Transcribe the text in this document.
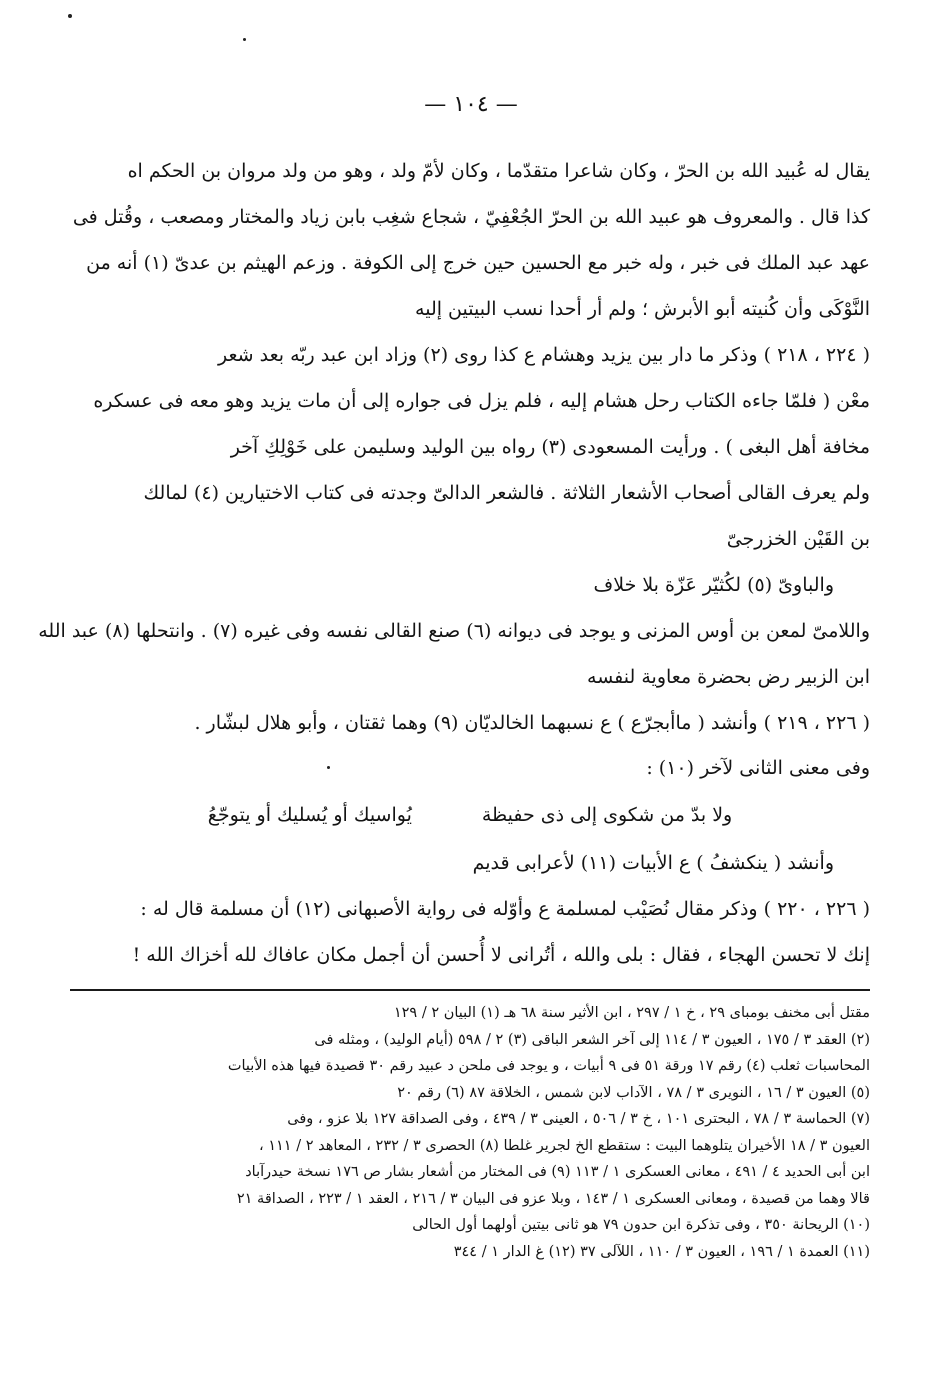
— ١٠٤ —
يقال له عُبيد الله بن الحرّ ، وكان شاعرا متقدّما ، وكان لأمّ ولد ، وهو من ولد مروان بن الحكم اه
كذا قال . والمعروف هو عبيد الله بن الحرّ الجُعْفِيّ ، شجاع شغِب بابن زياد والمختار ومصعب ، وقُتل فى
عهد عبد الملك فى خبر ، وله خبر مع الحسين حين خرج إلى الكوفة . وزعم الهيثم بن عدىّ (١) أنه من
النَّوْكَى وأن كُنيته أبو الأبرش ؛ ولم أر أحدا نسب البيتين إليه
( ٢٢٤ ، ٢١٨ ) وذكر ما دار بين يزيد وهشام ع كذا روى (٢) وزاد ابن عبد ربّه بعد شعر
معْن ( فلمّا جاءه الكتاب رحل هشام إليه ، فلم يزل فى جواره إلى أن مات يزيد وهو معه فى عسكره
مخافة أهل البغى ) . ورأيت المسعودى (٣) رواه بين الوليد وسليمن على خَوْلِكِ آخر
ولم يعرف القالى أصحاب الأشعار الثلاثة . فالشعر الدالىّ وجدته فى كتاب الاختيارين (٤) لمالك
بن القَيْن الخزرجىّ
والباوىّ (٥) لكُثيّر عَزّة بلا خلاف
واللامىّ لمعن بن أوس المزنى و يوجد فى ديوانه (٦) صنع القالى نفسه وفى غيره (٧) . وانتحلها (٨) عبد الله
ابن الزبير رض بحضرة معاوية لنفسه
( ٢٢٦ ، ٢١٩ ) وأنشد ( ماأبجرّع ) ع نسبهما الخالديّان (٩) وهما ثقتان ، وأبو هلال لبشّار .
وفى معنى الثانى لآخر (١٠) :
ولا بدّ من شكوى إلى ذى حفيظة
يُواسيك أو يُسليك أو يتوجّعُ
وأنشد ( ينكشفُ ) ع الأبيات (١١) لأعرابى قديم
( ٢٢٦ ، ٢٢٠ ) وذكر مقال نُصَيْب لمسلمة ع وأوّله فى رواية الأصبهانى (١٢) أن مسلمة قال له :
إنك لا تحسن الهجاء ، فقال : بلى والله ، أتُرانى لا أُحسن أن أجمل مكان عافاك لله أخزاك الله !
مقتل أبى مخنف بومباى ٢٩ ، خ ١ / ٢٩٧ ، ابن الأثير سنة ٦٨ هـ (١) البيان ٢ / ١٢٩
(٢) العقد ٣ / ١٧٥ ، العيون ٣ / ١١٤ إلى آخر الشعر الباقى (٣) ٢ / ٥٩٨ (أيام الوليد) ، ومثله فى
المحاسبات ثعلب (٤) رقم ١٧ ورقة ٥١ فى ٩ أبيات ، و يوجد فى ملحن د عبيد رقم ٣٠ قصيدة فيها هذه الأبيات
(٥) العيون ٣ / ١٦ ، النويرى ٣ / ٧٨ ، الآداب لابن شمس ، الخلاقة ٨٧ (٦) رقم ٢٠
(٧) الحماسة ٣ / ٧٨ ، البحترى ١٠١ ، خ ٣ / ٥٠٦ ، العينى ٣ / ٤٣٩ ، وفى الصداقة ١٢٧ بلا عزو ، وفى
العيون ٣ / ١٨ الأخيران يتلوهما البيت : ستقطع الخ لجرير غلطا (٨) الحصرى ٣ / ٢٣٢ ، المعاهد ٢ / ١١١ ،
ابن أبى الحديد ٤ / ٤٩١ ، معانى العسكرى ١ / ١١٣ (٩) فى المختار من أشعار بشار ص ١٧٦ نسخة حيدرآباد
قالا وهما من قصيدة ، ومعانى العسكرى ١ / ١٤٣ ، وبلا عزو فى البيان ٣ / ٢١٦ ، العقد ١ / ٢٢٣ ، الصداقة ٢١
(١٠) الريحانة ٣٥٠ ، وفى تذكرة ابن حدون ٧٩ هو ثانى بيتين أولهما أول الحالى
(١١) العمدة ١ / ١٩٦ ، العيون ٣ / ١١٠ ، اللآلى ٣٧ (١٢) غ الدار ١ / ٣٤٤
